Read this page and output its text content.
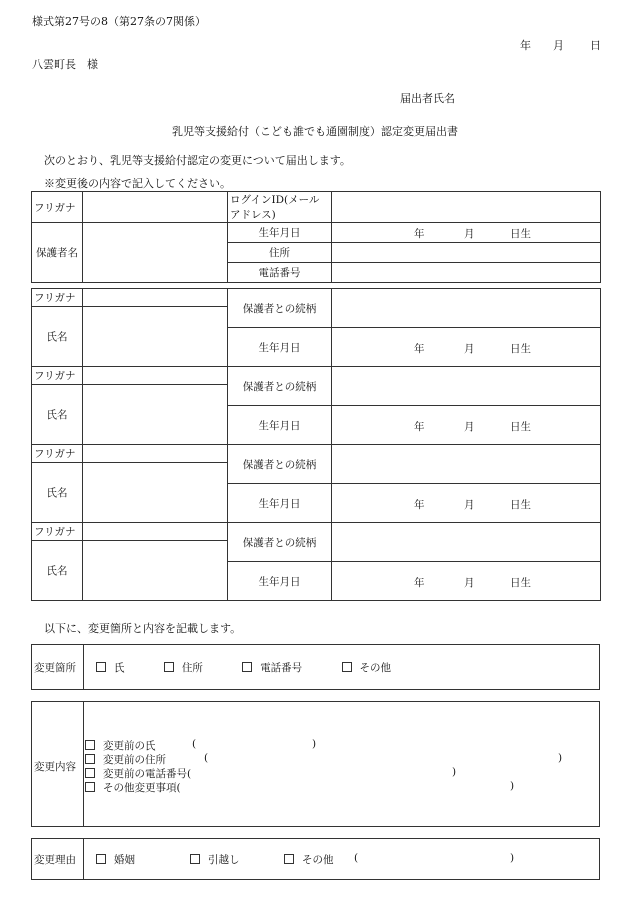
様式第27号の8（第27条の7関係）
年 月 日
八雲町長　様
届出者氏名
乳児等支援給付（こども誰でも通園制度）認定変更届出書
次のとおり、乳児等支援給付認定の変更について届出します。
※変更後の内容で記入してください。
フリガナ		ログインID(メールアドレス)	
保護者名		生年月日	年 月 日生

		住所	
		電話番号	
フリガナ		保護者との続柄	
氏名			
		生年月日	年 月 日生

フリガナ		保護者との続柄	
氏名			
		生年月日	年 月 日生

フリガナ		保護者との続柄	
氏名			
		生年月日	年 月 日生

フリガナ		保護者との続柄	
氏名			
		生年月日	年 月 日生
以下に、変更箇所と内容を記載します。
変更箇所	氏	住所	電話番号	その他
変更内容
変更前の氏	(	)
変更前の住所	(	)
変更前の電話番号(	)
その他変更事項(	)
変更理由	婚姻	引越し	その他 (	)
